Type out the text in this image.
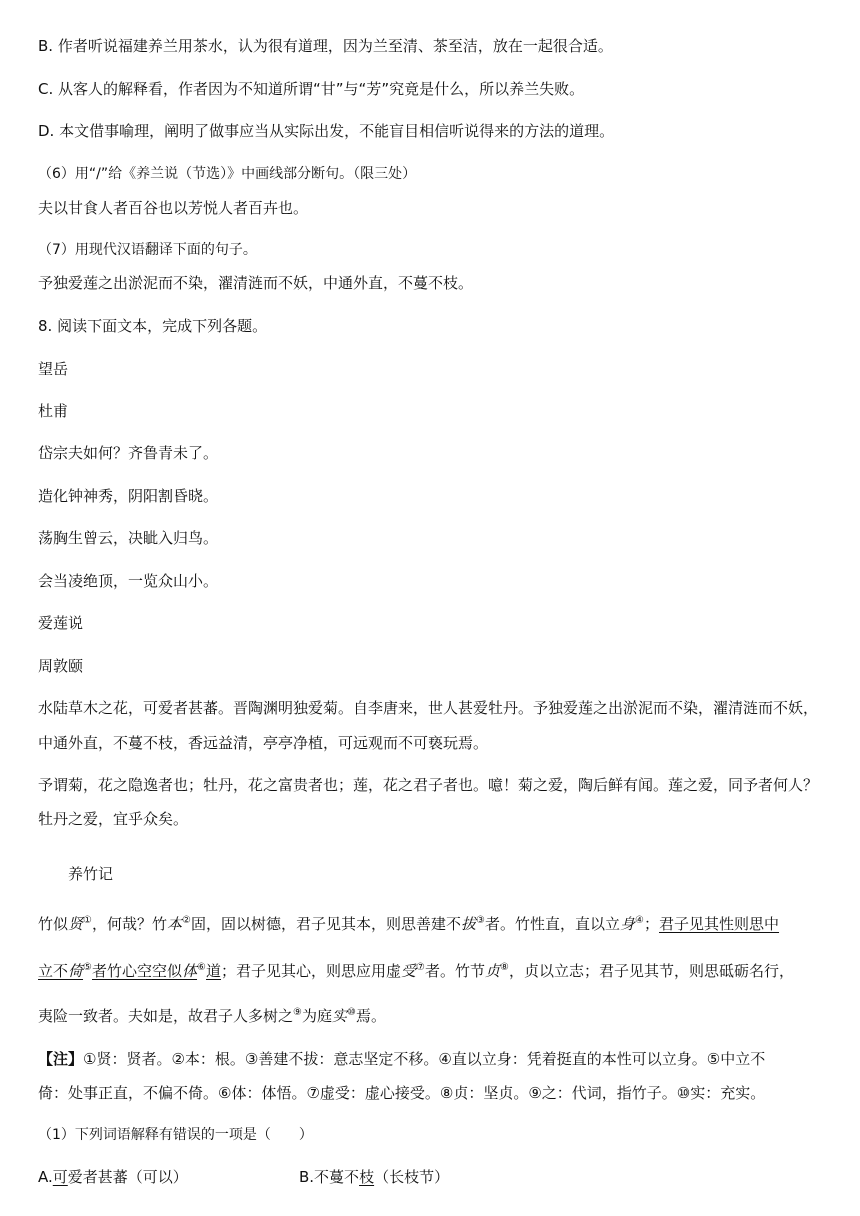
B. 作者听说福建养兰用茶水，认为很有道理，因为兰至清、茶至洁，放在一起很合适。
C. 从客人的解释看，作者因为不知道所谓“甘”与“芳”究竟是什么，所以养兰失败。
D. 本文借事喻理，阐明了做事应当从实际出发，不能盲目相信听说得来的方法的道理。
（6）用“/”给《养兰说（节选）》中画线部分断句。（限三处）
夫以甘食人者百谷也以芳悦人者百卉也。
（7）用现代汉语翻译下面的句子。
予独爱莲之出淤泥而不染，濯清涟而不妖，中通外直，不蔓不枝。
8. 阅读下面文本，完成下列各题。
望岳
杜甫
岱宗夫如何？齐鲁青未了。
造化钟神秀，阴阳割昏晓。
荡胸生曾云，决眦入归鸟。
会当凌绝顶，一览众山小。
爱莲说
周敦颐
水陆草木之花，可爱者甚蕃。晋陶渊明独爱菊。自李唐来，世人甚爱牡丹。予独爱莲之出淤泥而不染，濯清涟而不妖，
中通外直，不蔓不枝，香远益清，亭亭净植，可远观而不可亵玩焉。
予谓菊，花之隐逸者也；牡丹，花之富贵者也；莲，花之君子者也。噫！菊之爱，陶后鲜有闻。莲之爱，同予者何人？
牡丹之爱，宜乎众矣。
养竹记
竹似贤①，何哉？竹本②固，固以树德，君子见其本，则思善建不拔③者。竹性直，直以立身④；君子见其性则思中
立不倚⑤者竹心空空似体⑥道；君子见其心，则思应用虚受⑦者。竹节贞⑧，贞以立志；君子见其节，则思砥砺名行，
夷险一致者。夫如是，故君子人多树之⑨为庭实⑩焉。
【注】①贤：贤者。②本：根。③善建不拔：意志坚定不移。④直以立身：凭着挺直的本性可以立身。⑤中立不
倚：处事正直，不偏不倚。⑥体：体悟。⑦虚受：虚心接受。⑧贞：坚贞。⑨之：代词，指竹子。⑩实：充实。
（1）下列词语解释有错误的一项是（　　）
A.可爱者甚蕃（可以）	B.不蔓不枝（长枝节）
